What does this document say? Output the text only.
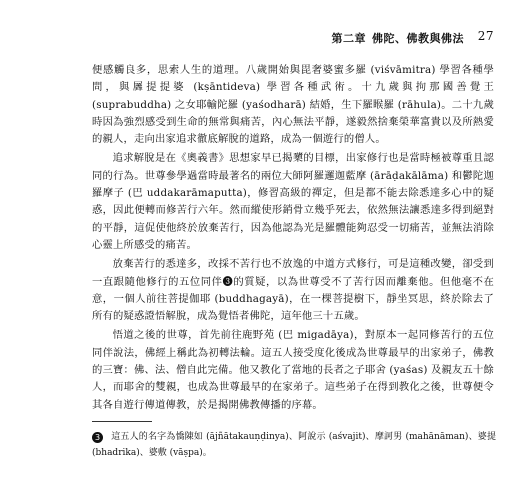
第二章 佛陀、佛教與佛法 27

便感觸良多，思索人生的道理。八歲開始與毘奢婆蜜多羅 (viśvāmitra) 學習各種學問，與羼提提婆 (kṣāntideva) 學習各種武術。十九歲與拘那國善覺王 (suprabuddha) 之女耶輸陀羅 (yaśodharā) 結婚，生下羅睺羅 (rāhula)。二十九歲時因為強烈感受到生命的無常與痛苦，內心無法平靜，遂毅然捨棄榮華富貴以及所熱愛的親人，走向出家追求徹底解脫的道路，成為一個遊行的僧人。

追求解脫是在《奧義書》思想家早已揭櫫的目標，出家修行也是當時極被尊重且認同的行為。世尊參學過當時最著名的兩位大師阿羅邏迦藍摩 (ārāḍakālāma) 和鬱陀迦羅摩子 (巴 uddakarāmaputta)，修習高級的禪定，但是都不能去除悉達多心中的疑惑，因此便轉而修苦行六年。然而縱使形銷骨立幾乎死去，依然無法讓悉達多得到絕對的平靜，這促使他終於放棄苦行，因為他認為光是羅體能夠忍受一切痛苦，並無法消除心靈上所感受的痛苦。

放棄苦行的悉達多，改採不苦行也不放逸的中道方式修行，可是這種改變，卻受到一直跟隨他修行的五位同伴❸的質疑，以為世尊受不了苦行因而離棄他。但他毫不在意，一個人前往菩提伽耶 (buddhagayā)，在一棵菩提樹下，靜坐冥思，終於除去了所有的疑惑證悟解脫，成為覺悟者佛陀，這年他三十五歲。

悟道之後的世尊，首先前往鹿野苑 (巴 migadāya)，對原本一起同修苦行的五位同伴說法，佛經上稱此為初轉法輪。這五人接受度化後成為世尊最早的出家弟子，佛教的三寶：佛、法、僧自此完備。他又教化了當地的長者之子耶舍 (yaśas) 及親友五十餘人，而耶舍的雙親，也成為世尊最早的在家弟子。這些弟子在得到教化之後，世尊便令其各自遊行傳道傳教，於是揭開佛教傳播的序幕。

3 這五人的名字為憍陳如 (ājñātakauṇḍinya)、阿說示 (aśvajit)、摩訶男 (mahānāman)、婆提 (bhadrika)、婆敷 (vāṣpa)。
